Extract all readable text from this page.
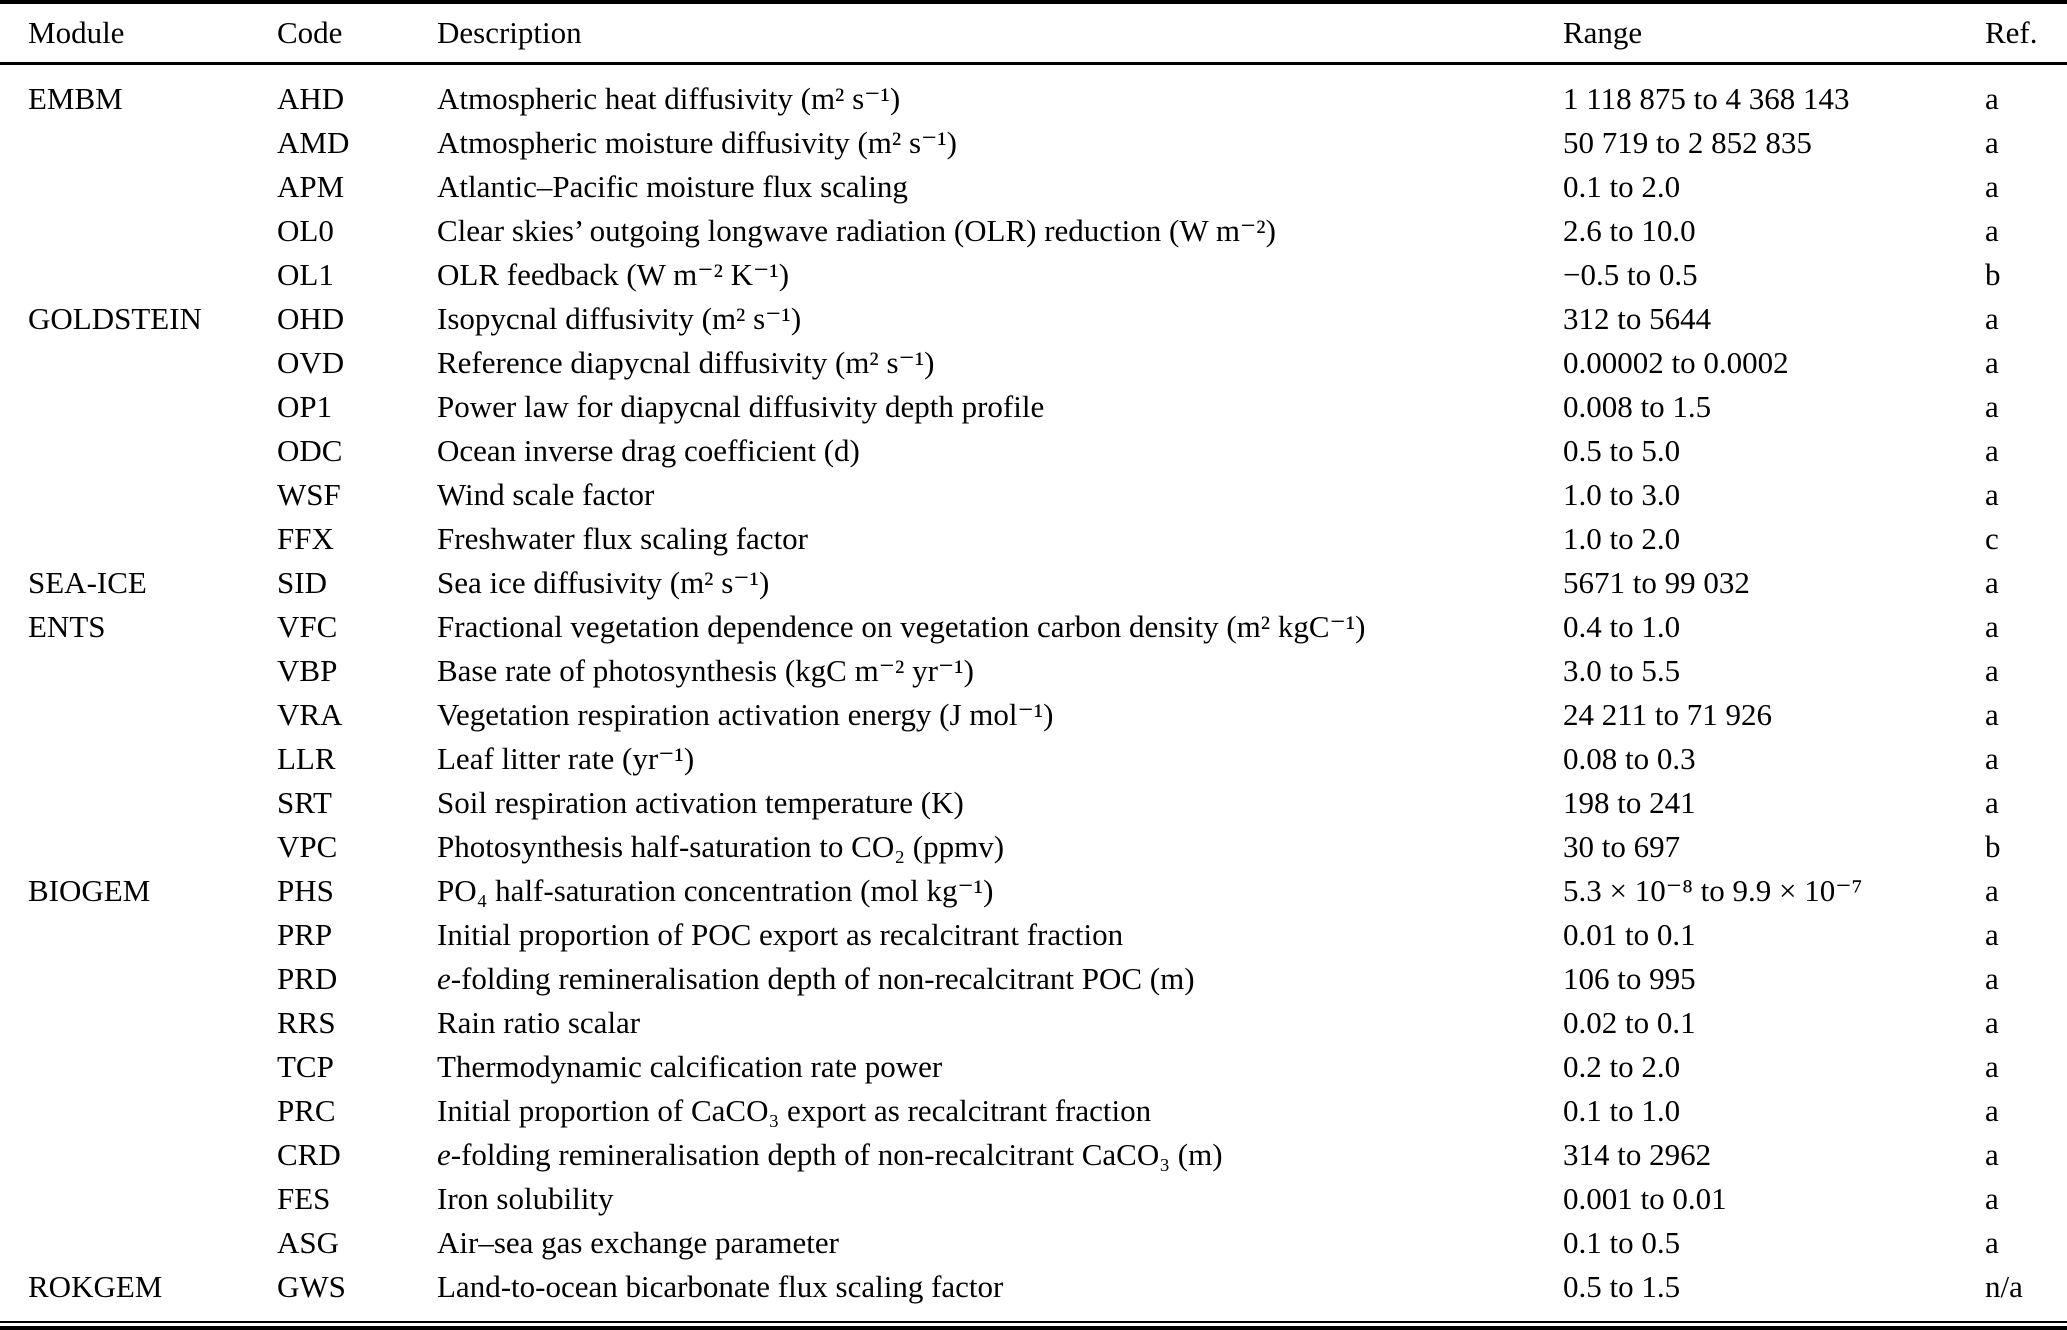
Module	Code	Description	Range	Ref.
EMBM	AHD	Atmospheric heat diffusivity (m² s⁻¹)	1 118 875 to 4 368 143	a
	AMD	Atmospheric moisture diffusivity (m² s⁻¹)	50 719 to 2 852 835	a
	APM	Atlantic–Pacific moisture flux scaling	0.1 to 2.0	a
	OL0	Clear skies’ outgoing longwave radiation (OLR) reduction (W m⁻²)	2.6 to 10.0	a
	OL1	OLR feedback (W m⁻² K⁻¹)	−0.5 to 0.5	b
GOLDSTEIN	OHD	Isopycnal diffusivity (m² s⁻¹)	312 to 5644	a
	OVD	Reference diapycnal diffusivity (m² s⁻¹)	0.00002 to 0.0002	a
	OP1	Power law for diapycnal diffusivity depth profile	0.008 to 1.5	a
	ODC	Ocean inverse drag coefficient (d)	0.5 to 5.0	a
	WSF	Wind scale factor	1.0 to 3.0	a
	FFX	Freshwater flux scaling factor	1.0 to 2.0	c
SEA-ICE	SID	Sea ice diffusivity (m² s⁻¹)	5671 to 99 032	a
ENTS	VFC	Fractional vegetation dependence on vegetation carbon density (m² kgC⁻¹)	0.4 to 1.0	a
	VBP	Base rate of photosynthesis (kgC m⁻² yr⁻¹)	3.0 to 5.5	a
	VRA	Vegetation respiration activation energy (J mol⁻¹)	24 211 to 71 926	a
	LLR	Leaf litter rate (yr⁻¹)	0.08 to 0.3	a
	SRT	Soil respiration activation temperature (K)	198 to 241	a
	VPC	Photosynthesis half-saturation to CO₂ (ppmv)	30 to 697	b
BIOGEM	PHS	PO₄ half-saturation concentration (mol kg⁻¹)	5.3 × 10⁻⁸ to 9.9 × 10⁻⁷	a
	PRP	Initial proportion of POC export as recalcitrant fraction	0.01 to 0.1	a
	PRD	e-folding remineralisation depth of non-recalcitrant POC (m)	106 to 995	a
	RRS	Rain ratio scalar	0.02 to 0.1	a
	TCP	Thermodynamic calcification rate power	0.2 to 2.0	a
	PRC	Initial proportion of CaCO₃ export as recalcitrant fraction	0.1 to 1.0	a
	CRD	e-folding remineralisation depth of non-recalcitrant CaCO₃ (m)	314 to 2962	a
	FES	Iron solubility	0.001 to 0.01	a
	ASG	Air–sea gas exchange parameter	0.1 to 0.5	a
ROKGEM	GWS	Land-to-ocean bicarbonate flux scaling factor	0.5 to 1.5	n/a
